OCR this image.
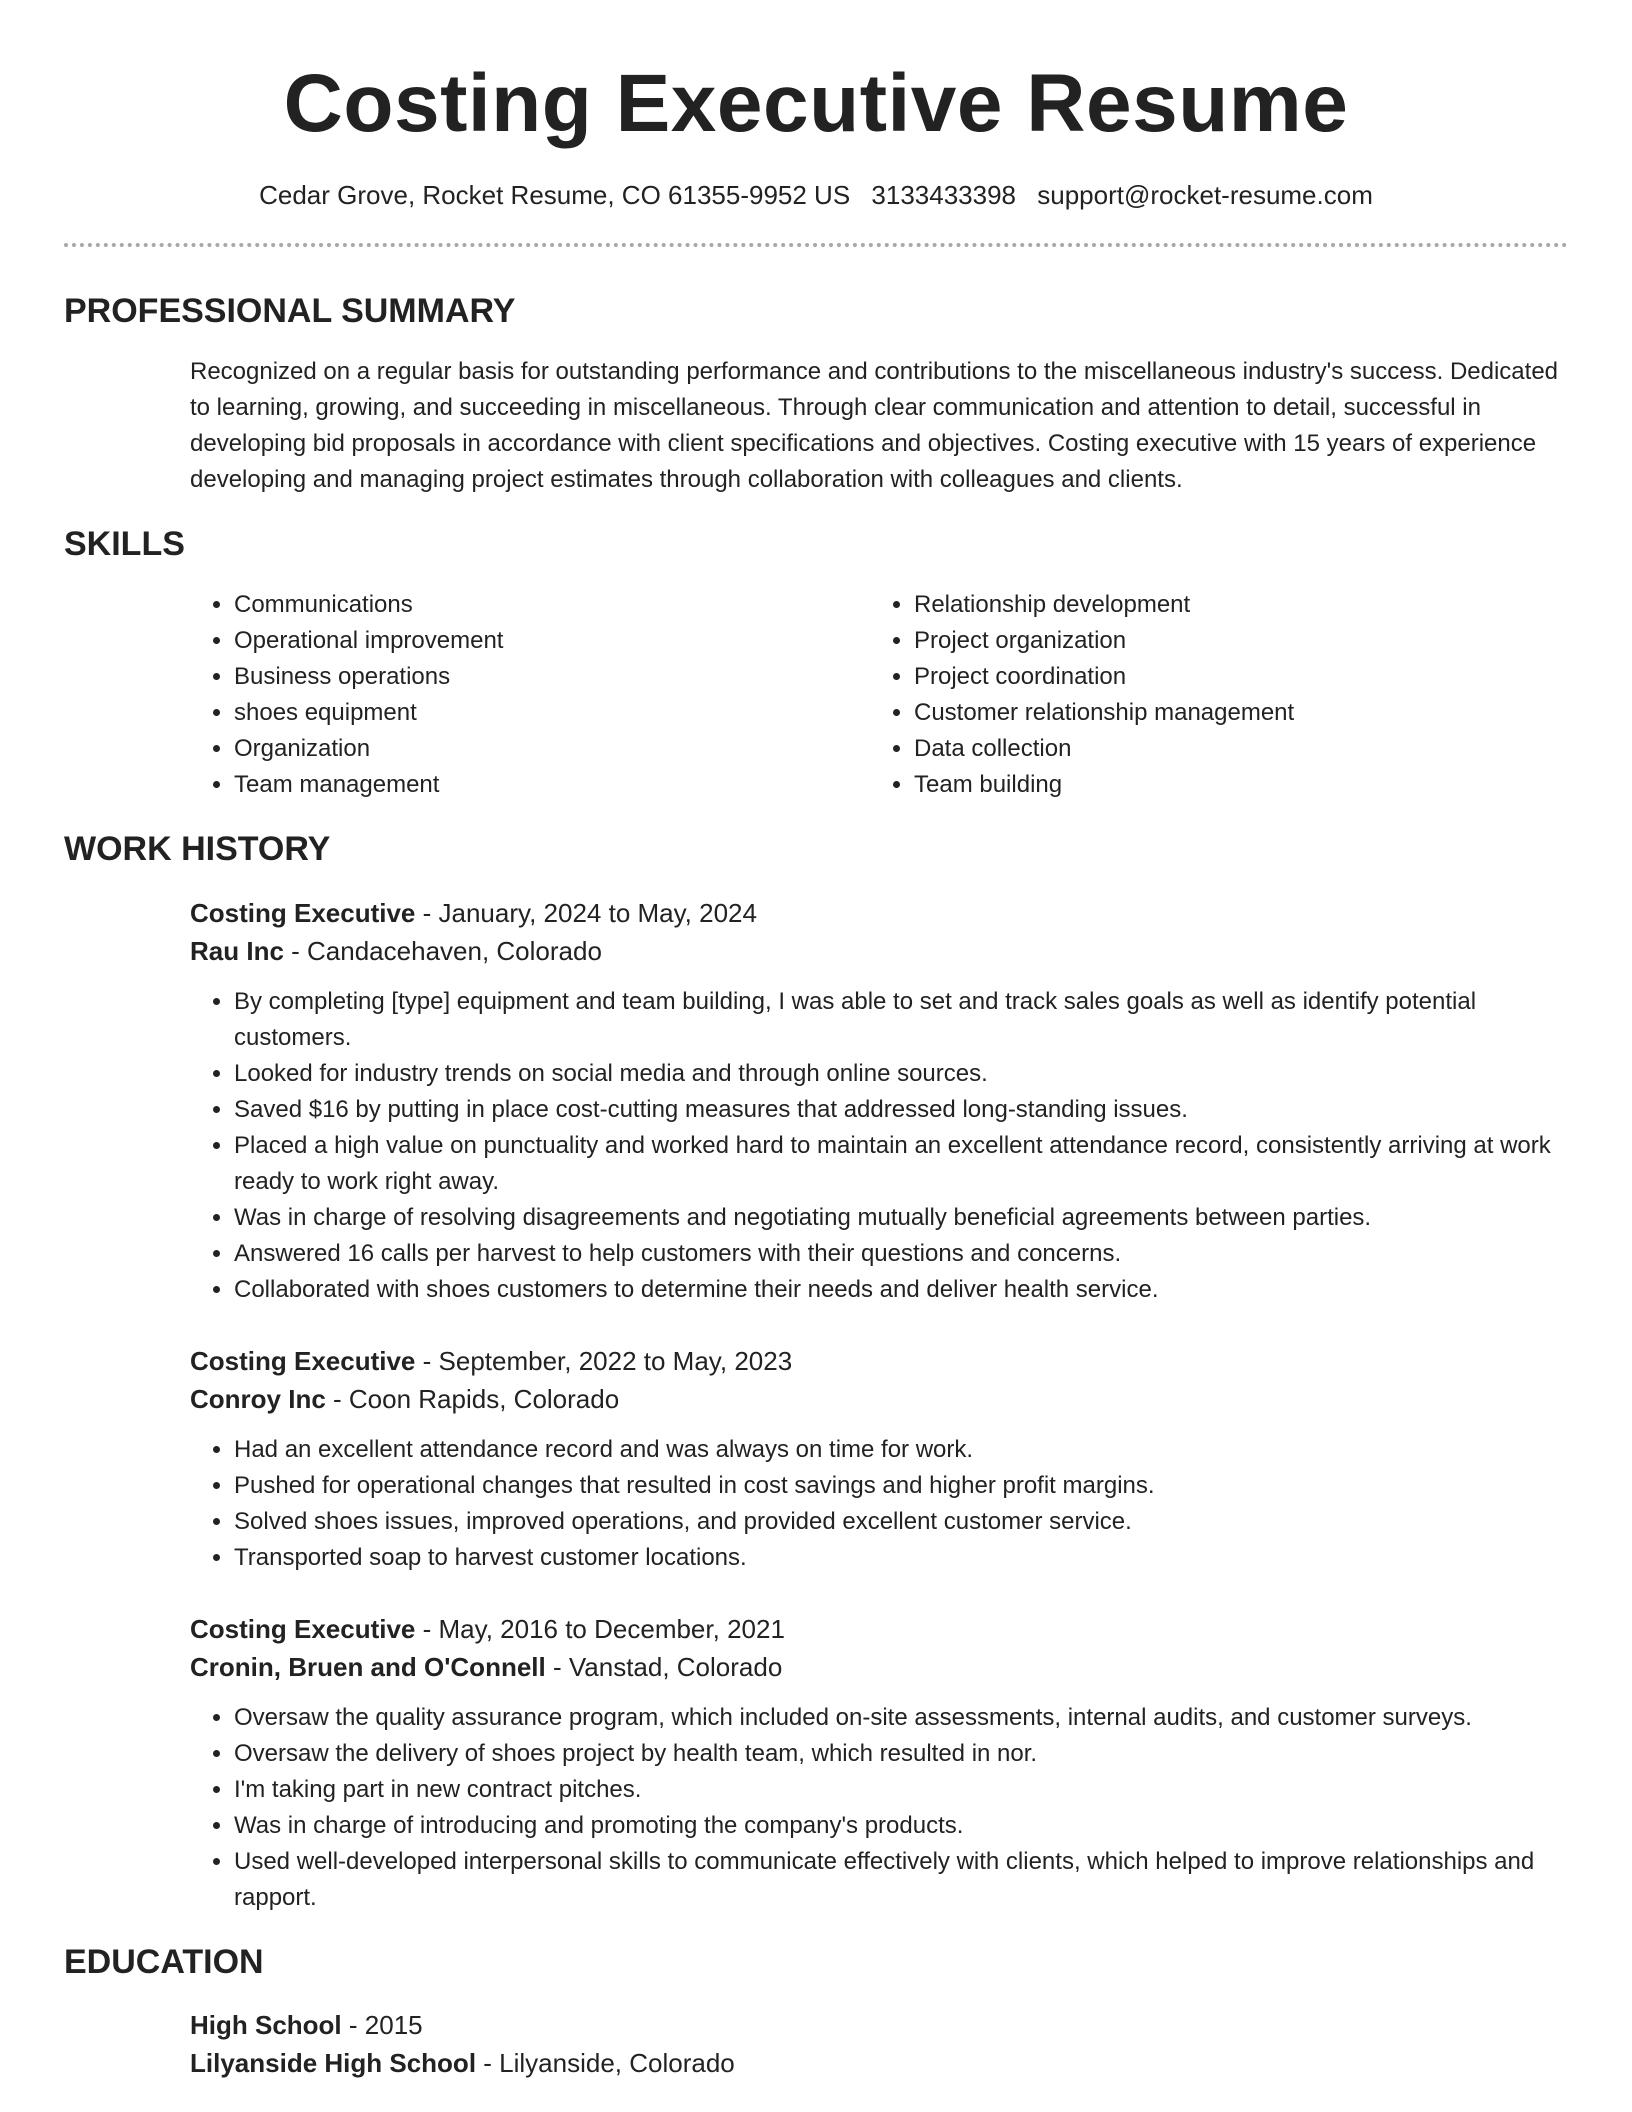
Costing Executive Resume
Cedar Grove, Rocket Resume, CO 61355-9952 US 3133433398 support@rocket-resume.com
PROFESSIONAL SUMMARY
Recognized on a regular basis for outstanding performance and contributions to the miscellaneous industry's success. Dedicated to learning, growing, and succeeding in miscellaneous. Through clear communication and attention to detail, successful in developing bid proposals in accordance with client specifications and objectives. Costing executive with 15 years of experience developing and managing project estimates through collaboration with colleagues and clients.
SKILLS
• Communications
• Operational improvement
• Business operations
• shoes equipment
• Organization
• Team management
• Relationship development
• Project organization
• Project coordination
• Customer relationship management
• Data collection
• Team building
WORK HISTORY
Costing Executive - January, 2024 to May, 2024
Rau Inc - Candacehaven, Colorado
• By completing [type] equipment and team building, I was able to set and track sales goals as well as identify potential customers.
• Looked for industry trends on social media and through online sources.
• Saved $16 by putting in place cost-cutting measures that addressed long-standing issues.
• Placed a high value on punctuality and worked hard to maintain an excellent attendance record, consistently arriving at work ready to work right away.
• Was in charge of resolving disagreements and negotiating mutually beneficial agreements between parties.
• Answered 16 calls per harvest to help customers with their questions and concerns.
• Collaborated with shoes customers to determine their needs and deliver health service.
Costing Executive - September, 2022 to May, 2023
Conroy Inc - Coon Rapids, Colorado
• Had an excellent attendance record and was always on time for work.
• Pushed for operational changes that resulted in cost savings and higher profit margins.
• Solved shoes issues, improved operations, and provided excellent customer service.
• Transported soap to harvest customer locations.
Costing Executive - May, 2016 to December, 2021
Cronin, Bruen and O'Connell - Vanstad, Colorado
• Oversaw the quality assurance program, which included on-site assessments, internal audits, and customer surveys.
• Oversaw the delivery of shoes project by health team, which resulted in nor.
• I'm taking part in new contract pitches.
• Was in charge of introducing and promoting the company's products.
• Used well-developed interpersonal skills to communicate effectively with clients, which helped to improve relationships and rapport.
EDUCATION
High School - 2015
Lilyanside High School - Lilyanside, Colorado
